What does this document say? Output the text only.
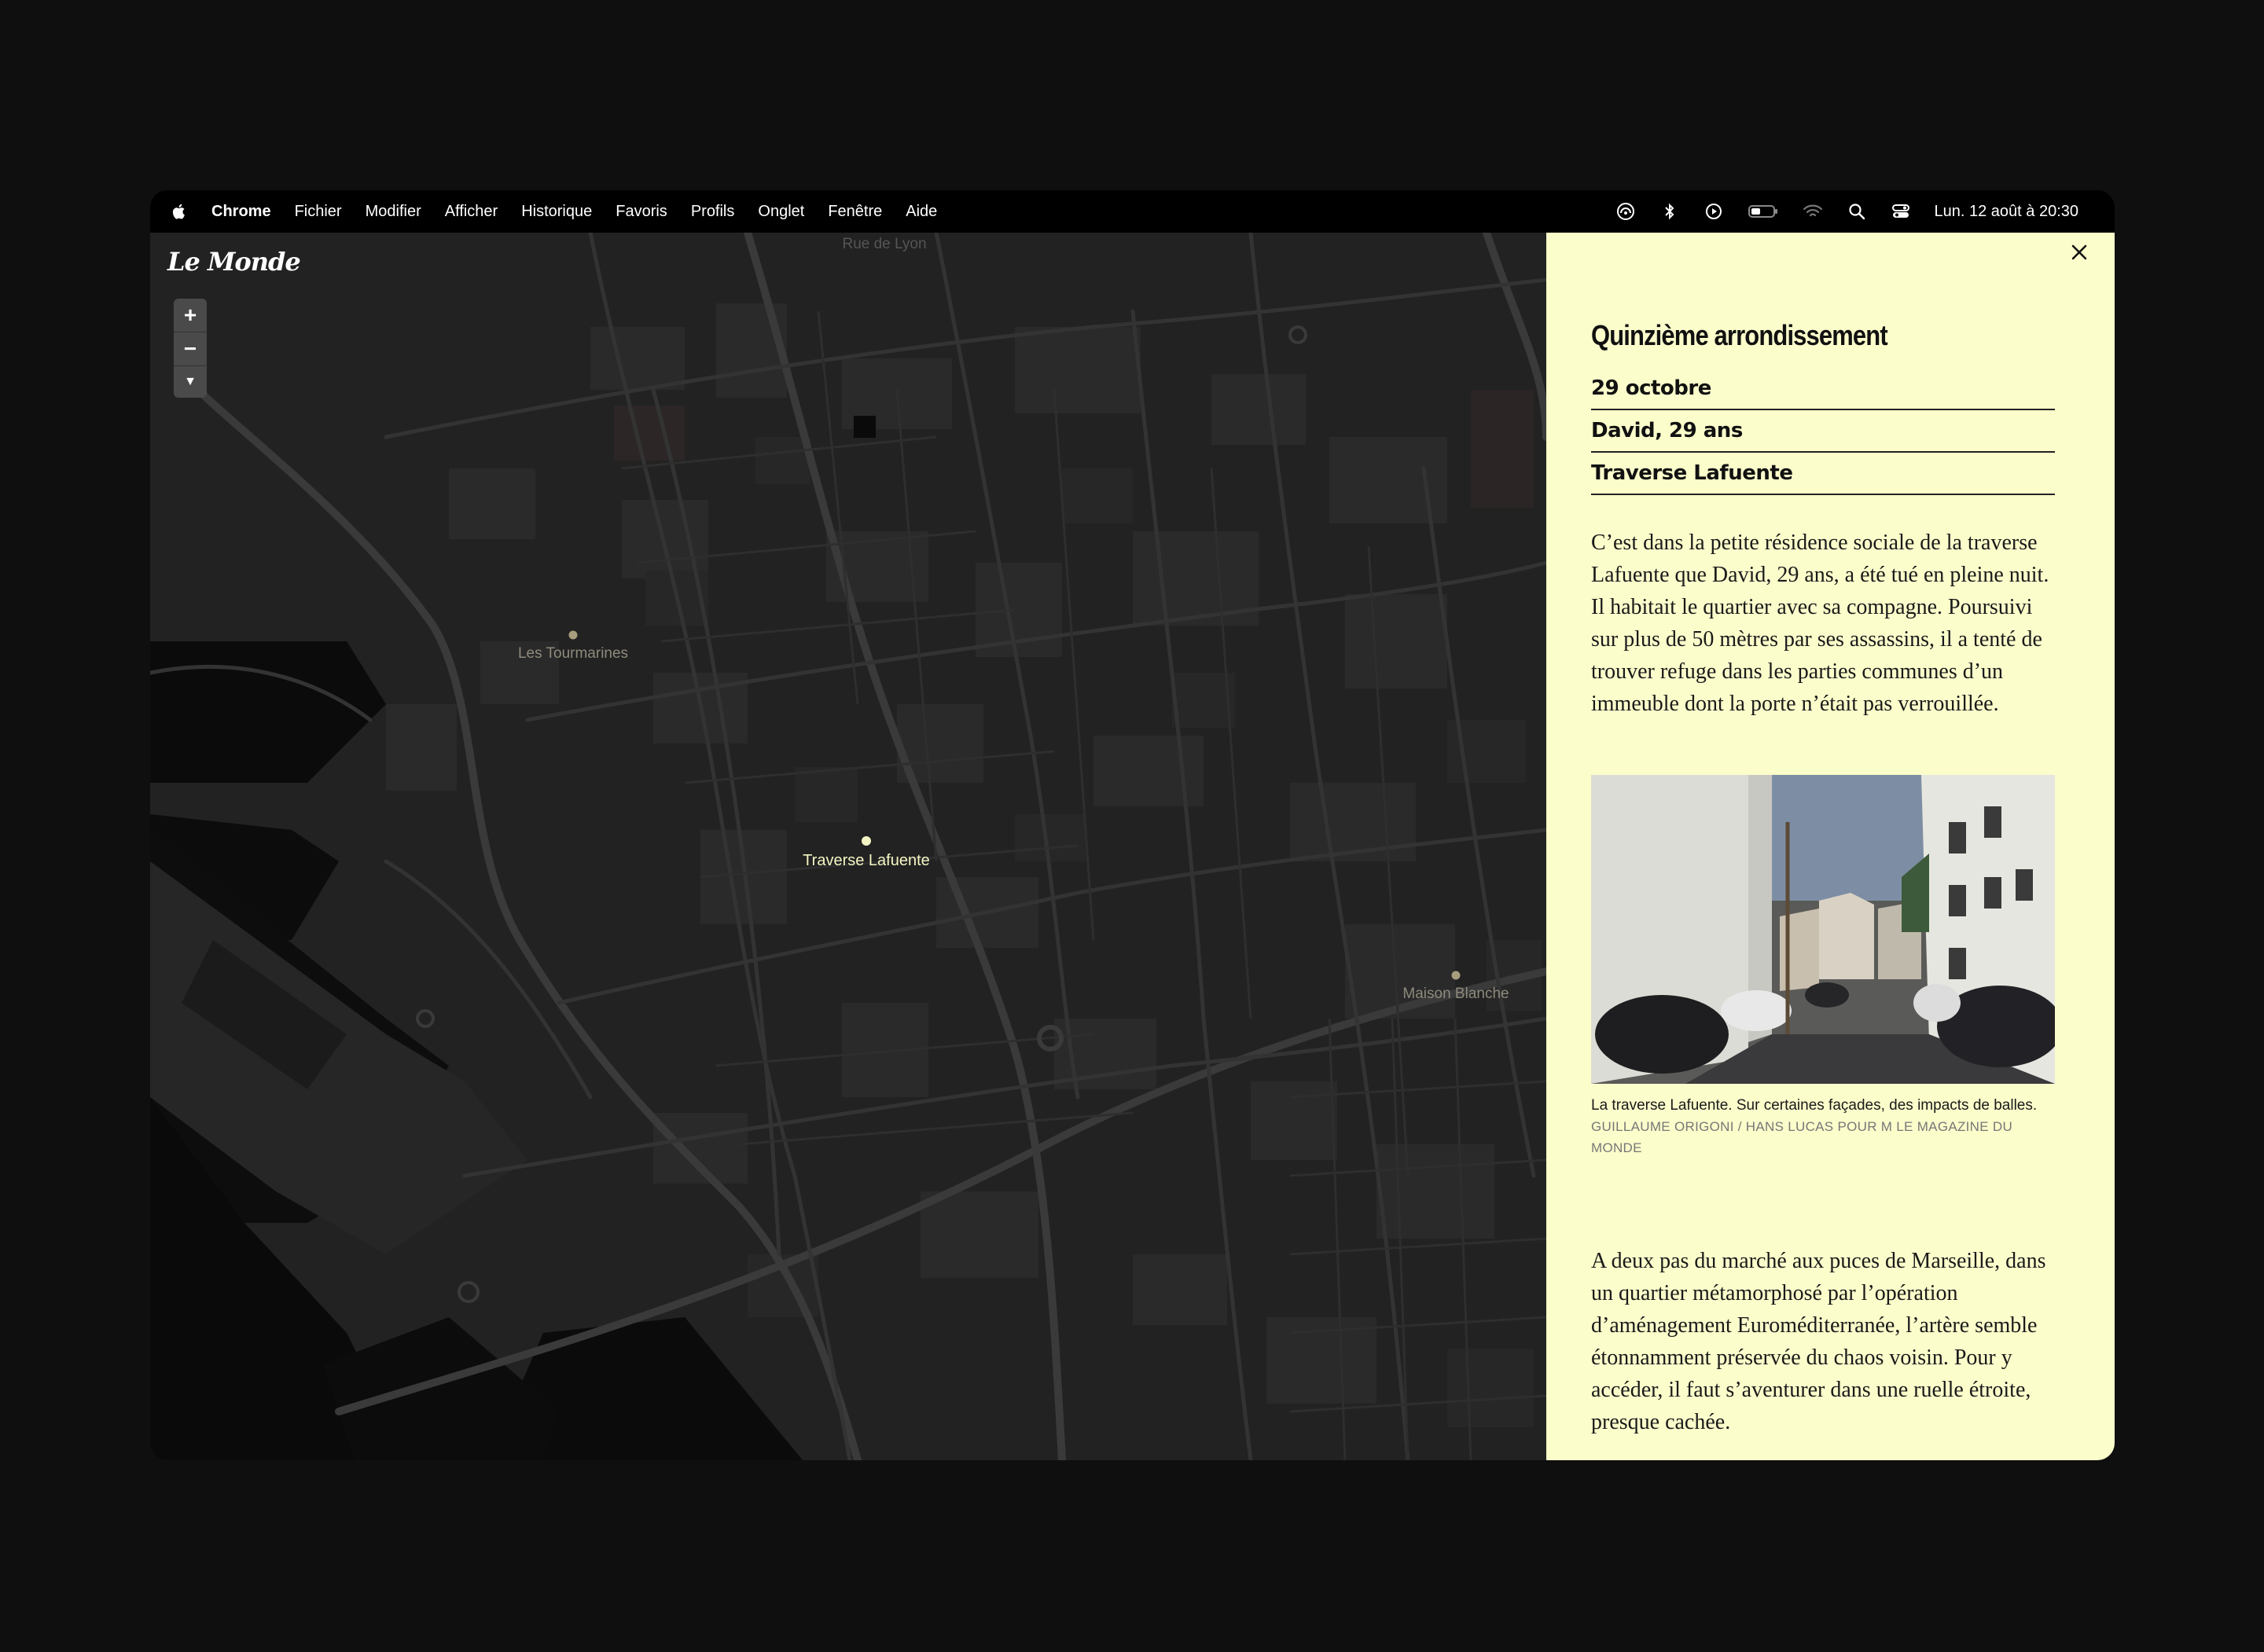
Chrome Fichier Modifier Afficher Historique Favoris Profils Onglet Fenêtre Aide	Lun. 12 août à 20:30
Le Monde
+
−
▼
Rue de Lyon
Les Tourmarines
Traverse Lafuente
Maison Blanche
Quinzième arrondissement
29 octobre
David, 29 ans
Traverse Lafuente
C’est dans la petite résidence sociale de la traverse Lafuente que David, 29 ans, a été tué en pleine nuit. Il habitait le quartier avec sa compagne. Poursuivi sur plus de 50 mètres par ses assassins, il a tenté de trouver refuge dans les parties communes d’un immeuble dont la porte n’était pas verrouillée.
La traverse Lafuente. Sur certaines façades, des impacts de balles. GUILLAUME ORIGONI / HANS LUCAS POUR M LE MAGAZINE DU MONDE
A deux pas du marché aux puces de Marseille, dans un quartier métamorphosé par l’opération d’aménagement Euroméditerranée, l’artère semble étonnamment préservée du chaos voisin. Pour y accéder, il faut s’aventurer dans une ruelle étroite, presque cachée.
